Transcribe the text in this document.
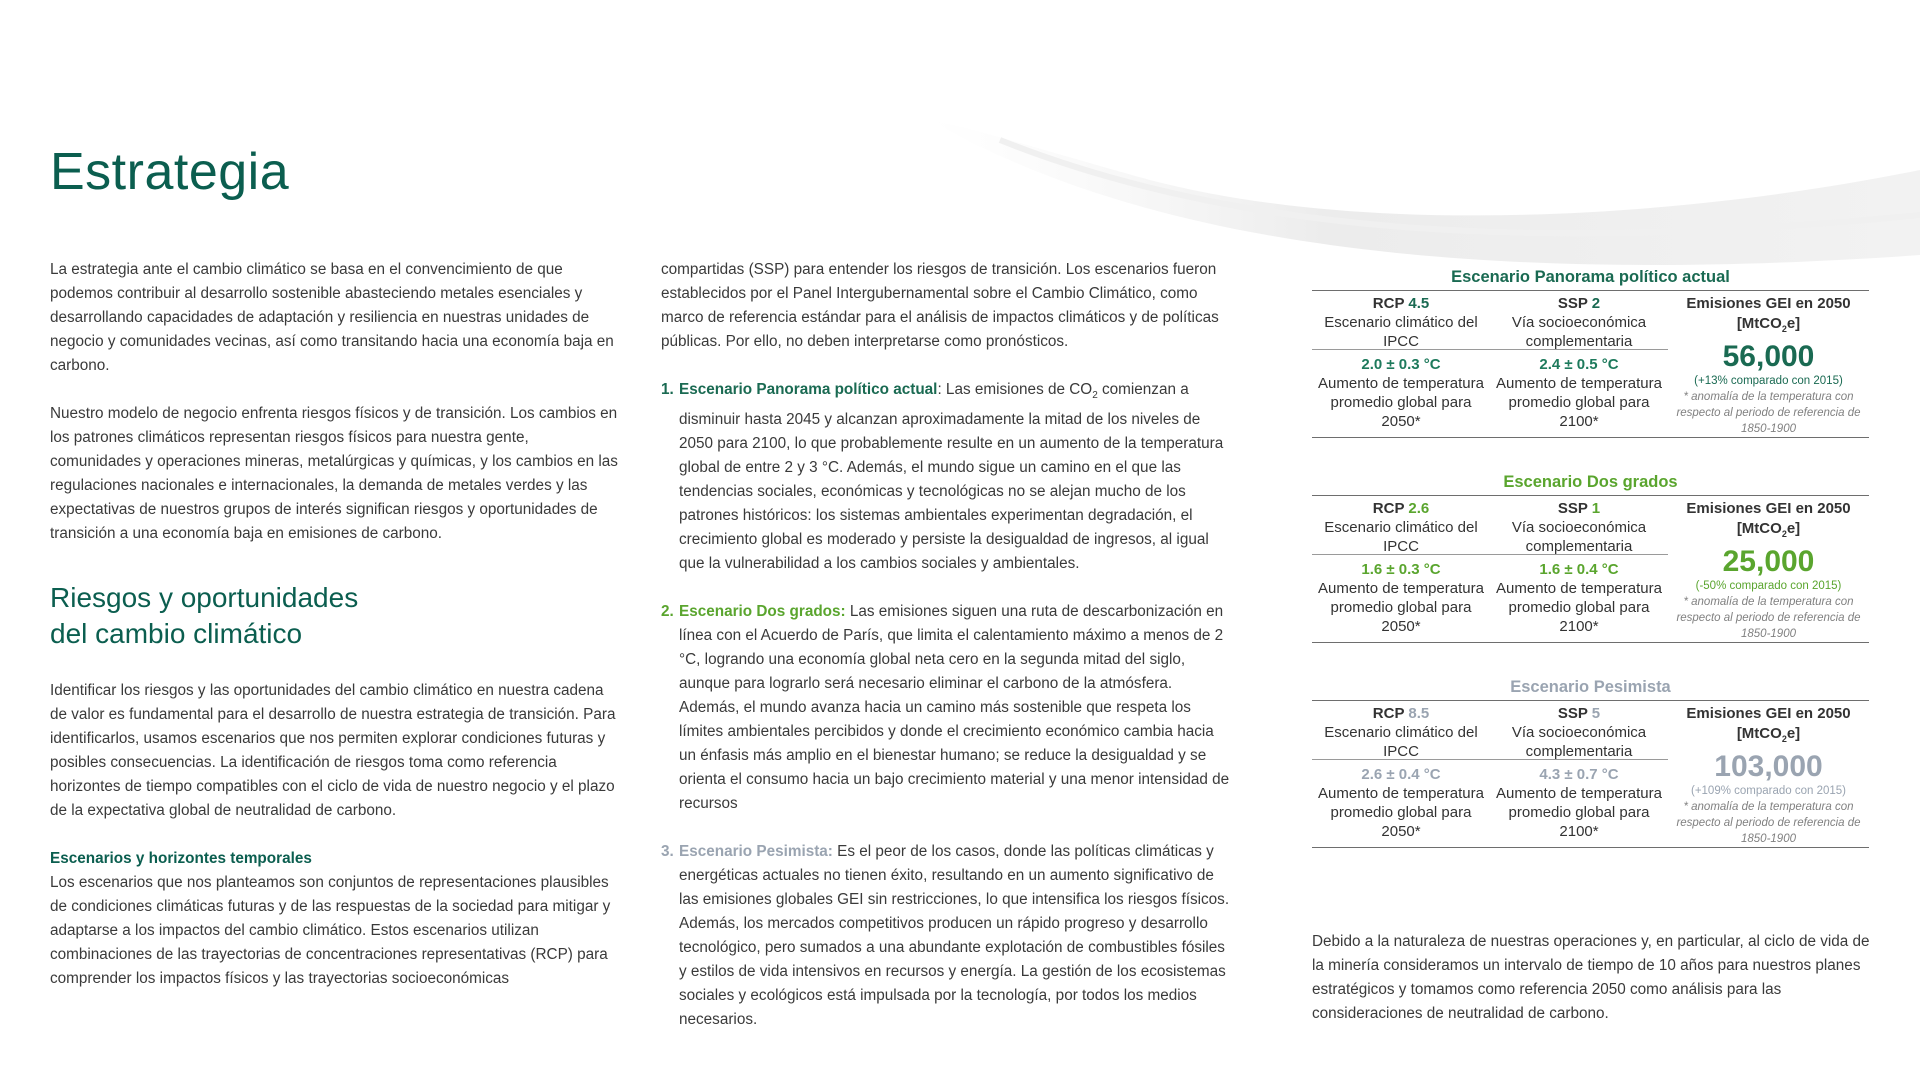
Estrategia

La estrategia ante el cambio climático se basa en el convencimiento de que podemos contribuir al desarrollo sostenible abasteciendo metales esenciales y desarrollando capacidades de adaptación y resiliencia en nuestras unidades de negocio y comunidades vecinas, así como transitando hacia una economía baja en carbono.

Nuestro modelo de negocio enfrenta riesgos físicos y de transición. Los cambios en los patrones climáticos representan riesgos físicos para nuestra gente, comunidades y operaciones mineras, metalúrgicas y químicas, y los cambios en las regulaciones nacionales e internacionales, la demanda de metales verdes y las expectativas de nuestros grupos de interés significan riesgos y oportunidades de transición a una economía baja en emisiones de carbono.

Riesgos y oportunidades
del cambio climático

Identificar los riesgos y las oportunidades del cambio climático en nuestra cadena de valor es fundamental para el desarrollo de nuestra estrategia de transición. Para identificarlos, usamos escenarios que nos permiten explorar condiciones futuras y posibles consecuencias. La identificación de riesgos toma como referencia horizontes de tiempo compatibles con el ciclo de vida de nuestro negocio y el plazo de la expectativa global de neutralidad de carbono.

Escenarios y horizontes temporales

Los escenarios que nos planteamos son conjuntos de representaciones plausibles de condiciones climáticas futuras y de las respuestas de la sociedad para mitigar y adaptarse a los impactos del cambio climático. Estos escenarios utilizan combinaciones de las trayectorias de concentraciones representativas (RCP) para comprender los impactos físicos y las trayectorias socioeconómicas

compartidas (SSP) para entender los riesgos de transición. Los escenarios fueron establecidos por el Panel Intergubernamental sobre el Cambio Climático, como marco de referencia estándar para el análisis de impactos climáticos y de políticas públicas. Por ello, no deben interpretarse como pronósticos.

1. Escenario Panorama político actual: Las emisiones de $CO_2$ comienzan a disminuir hasta 2045 y alcanzan aproximadamente la mitad de los niveles de 2050 para 2100, lo que probablemente resulte en un aumento de la temperatura global de entre 2 y 3 °C. Además, el mundo sigue un camino en el que las tendencias sociales, económicas y tecnológicas no se alejan mucho de los patrones históricos: los sistemas ambientales experimentan degradación, el crecimiento global es moderado y persiste la desigualdad de ingresos, al igual que la vulnerabilidad a los cambios sociales y ambientales.

2. Escenario Dos grados: Las emisiones siguen una ruta de descarbonización en línea con el Acuerdo de París, que limita el calentamiento máximo a menos de 2 °C, logrando una economía global neta cero en la segunda mitad del siglo, aunque para lograrlo será necesario eliminar el carbono de la atmósfera. Además, el mundo avanza hacia un camino más sostenible que respeta los límites ambientales percibidos y donde el crecimiento económico cambia hacia un énfasis más amplio en el bienestar humano; se reduce la desigualdad y se orienta el consumo hacia un bajo crecimiento material y una menor intensidad de recursos

3. Escenario Pesimista: Es el peor de los casos, donde las políticas climáticas y energéticas actuales no tienen éxito, resultando en un aumento significativo de las emisiones globales GEI sin restricciones, lo que intensifica los riesgos físicos. Además, los mercados competitivos producen un rápido progreso y desarrollo tecnológico, pero sumados a una abundante explotación de combustibles fósiles y estilos de vida intensivos en recursos y energía. La gestión de los ecosistemas sociales y ecológicos está impulsada por la tecnología, por todos los medios necesarios.

Escenario Panorama político actual
RCP 4.5
Escenario climático del IPCC
SSP 2
Vía socioeconómica complementaria
2.0 ± 0.3 °C
Aumento de temperatura promedio global para 2050*
2.4 ± 0.5 °C
Aumento de temperatura promedio global para 2100*
Emisiones GEI en 2050
[MtCO$_2$e]
56,000
(+13% comparado con 2015)
* anomalía de la temperatura con respecto al periodo de referencia de 1850-1900
Escenario Dos grados
RCP 2.6
Escenario climático del IPCC
SSP 1
Vía socioeconómica complementaria
1.6 ± 0.3 °C
Aumento de temperatura promedio global para 2050*
1.6 ± 0.4 °C
Aumento de temperatura promedio global para 2100*
Emisiones GEI en 2050
[MtCO$_2$e]
25,000
(-50% comparado con 2015)
* anomalía de la temperatura con respecto al periodo de referencia de 1850-1900
Escenario Pesimista
RCP 8.5
Escenario climático del IPCC
SSP 5
Vía socioeconómica complementaria
2.6 ± 0.4 °C
Aumento de temperatura promedio global para 2050*
4.3 ± 0.7 °C
Aumento de temperatura promedio global para 2100*
Emisiones GEI en 2050
[MtCO$_2$e]
103,000
(+109% comparado con 2015)
* anomalía de la temperatura con respecto al periodo de referencia de 1850-1900

Debido a la naturaleza de nuestras operaciones y, en particular, al ciclo de vida de la minería consideramos un intervalo de tiempo de 10 años para nuestros planes estratégicos y tomamos como referencia 2050 como análisis para las consideraciones de neutralidad de carbono.
